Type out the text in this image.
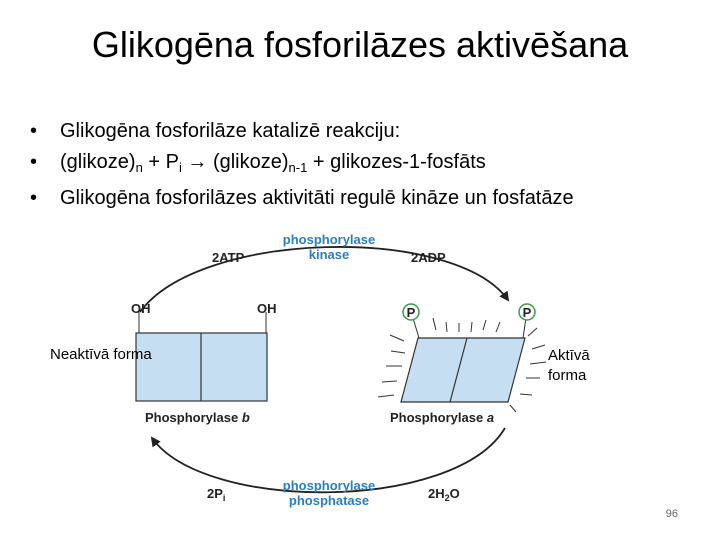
Glikogēna fosforilāzes aktivēšana
• Glikogēna fosforilāze katalizē reakciju:
• $(glikoze)_n + P_i$ → $(glikoze)_{n-1}$ + glikozes-1-fosfāts
• Glikogēna fosforilāzes aktivitāti regulē kināze un fosfatāze
P	P
OH	OH
phosphorylase
kinase
2ATP	2ADP
Phosphorylase b	Phosphorylase a
phosphorylase
phosphatase
$2P_i$	$2H_2O$
Neaktīvā forma	Aktīvā forma
96
